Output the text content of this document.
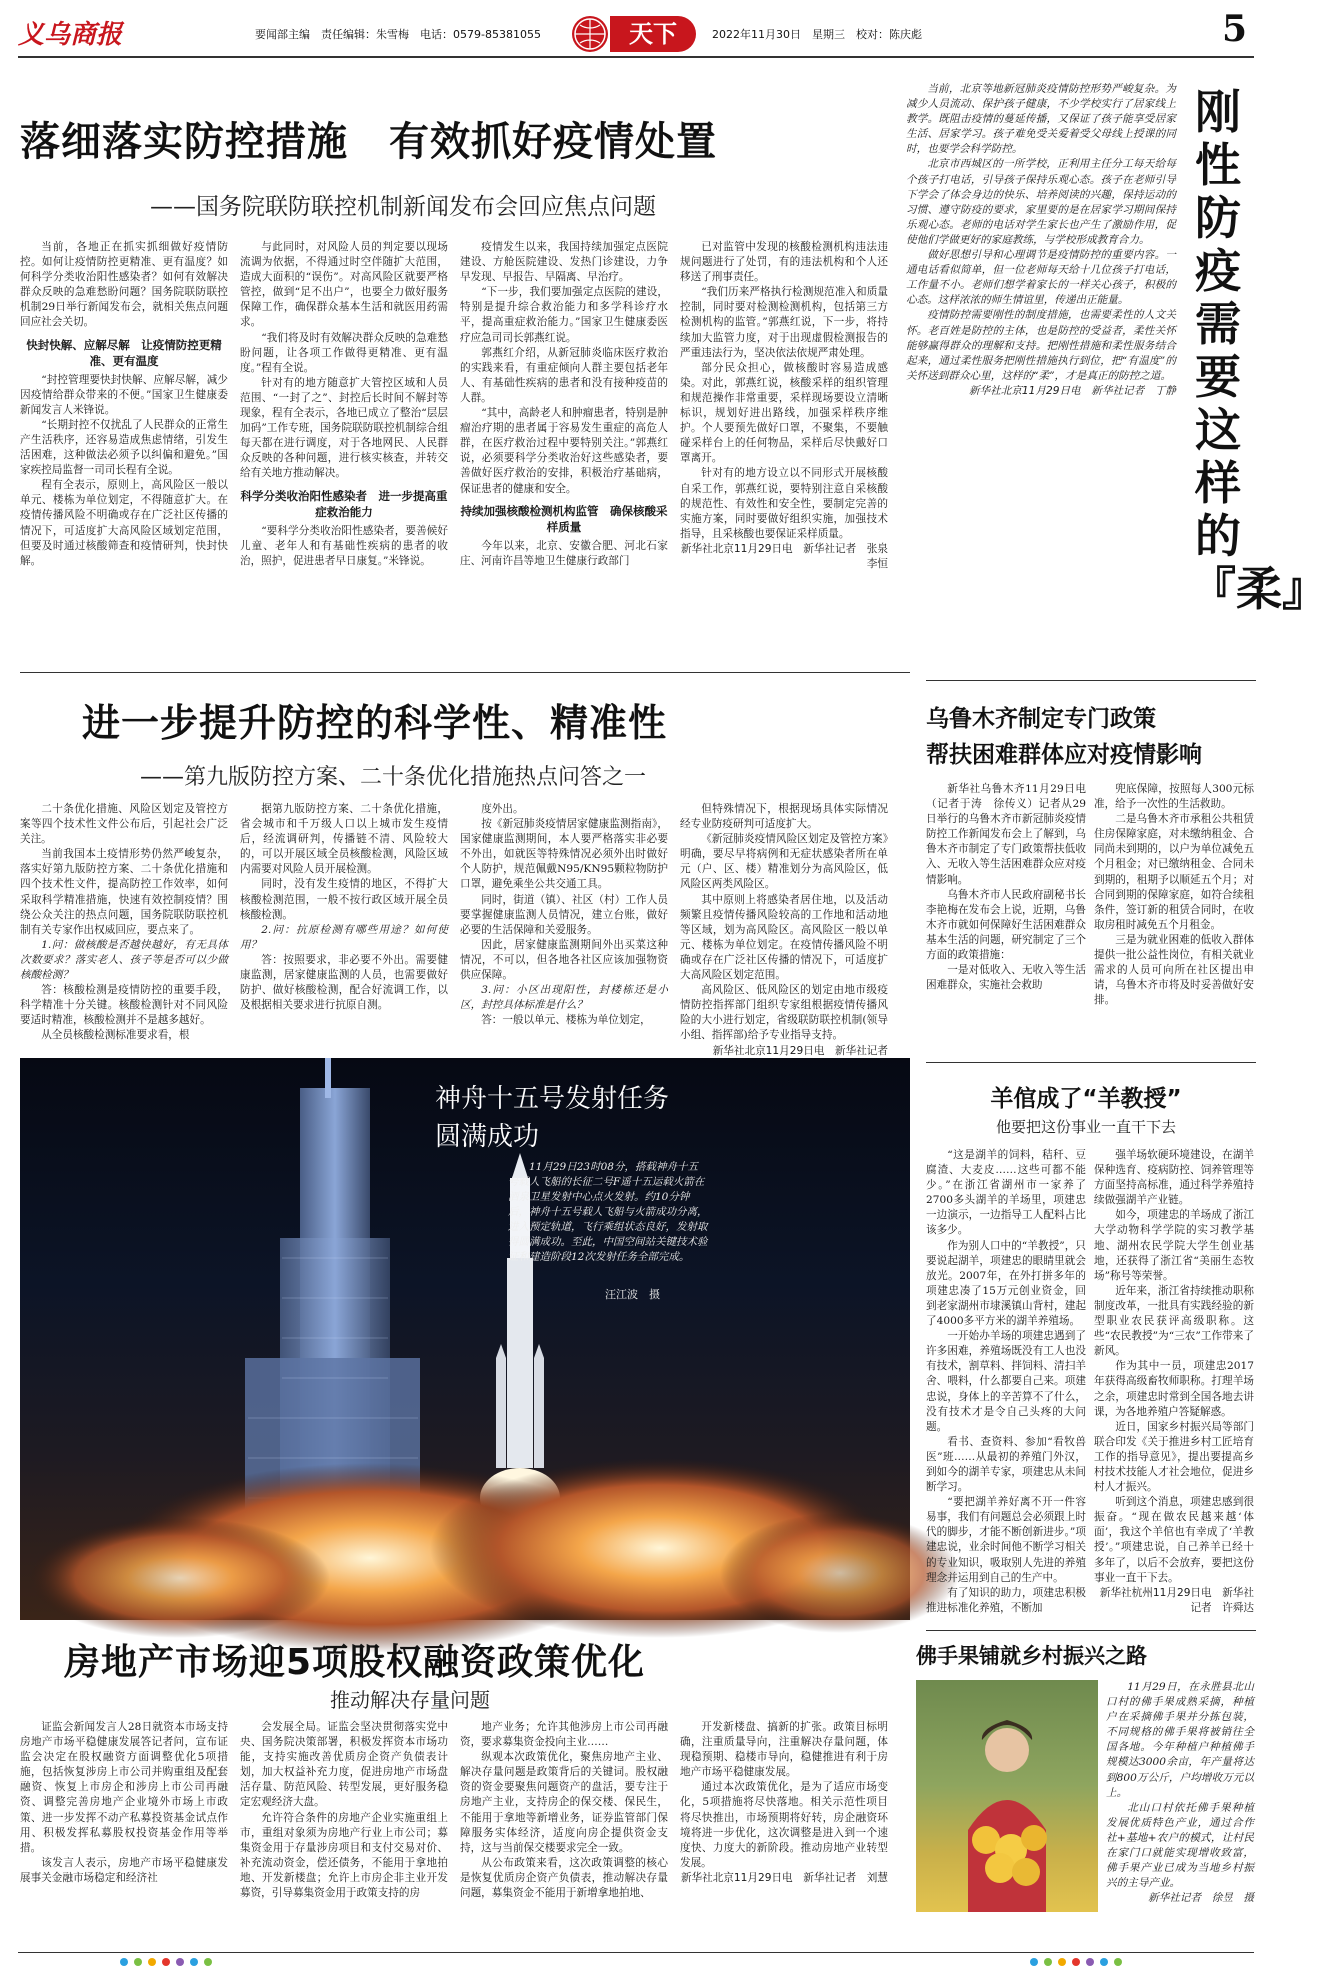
义乌商报	要闻部主编　责任编辑：朱雪梅　电话：0579-85381055	天下	2022年11月30日　星期三　校对：陈庆彪	5
落细落实防控措施　有效抓好疫情处置
——国务院联防联控机制新闻发布会回应焦点问题

当前，各地正在抓实抓细做好疫情防控。如何让疫情防控更精准、更有温度？如何科学分类收治阳性感染者？如何有效解决群众反映的急难愁盼问题？国务院联防联控机制29日举行新闻发布会，就相关焦点问题回应社会关切。

快封快解、应解尽解　让疫情防控更精准、更有温度

“封控管理要快封快解、应解尽解，减少因疫情给群众带来的不便。”国家卫生健康委新闻发言人米锋说。

“长期封控不仅扰乱了人民群众的正常生产生活秩序，还容易造成焦虑情绪，引发生活困难，这种做法必须予以纠偏和避免。”国家疾控局监督一司司长程有全说。

程有全表示，原则上，高风险区一般以单元、楼栋为单位划定，不得随意扩大。在疫情传播风险不明确或存在广泛社区传播的情况下，可适度扩大高风险区域划定范围，但要及时通过核酸筛查和疫情研判，快封快解。

与此同时，对风险人员的判定要以现场流调为依据，不得通过时空伴随扩大范围，造成大面积的“误伤”。对高风险区就要严格管控，做到“足不出户”，也要全力做好服务保障工作，确保群众基本生活和就医用药需求。

“我们将及时有效解决群众反映的急难愁盼问题，让各项工作做得更精准、更有温度。”程有全说。

针对有的地方随意扩大管控区域和人员范围、“一封了之”、封控后长时间不解封等现象，程有全表示，各地已成立了整治“层层加码”工作专班，国务院联防联控机制综合组每天都在进行调度，对于各地网民、人民群众反映的各种问题，进行核实核查，并转交给有关地方推动解决。

科学分类收治阳性感染者　进一步提高重症救治能力

“要科学分类收治阳性感染者，要善候好儿童、老年人和有基础性疾病的患者的收治，照护，促进患者早日康复。”米锋说。

疫情发生以来，我国持续加强定点医院建设、方舱医院建设、发热门诊建设，力争早发现、早报告、早隔离、早治疗。

“下一步，我们要加强定点医院的建设，特别是提升综合救治能力和多学科诊疗水平，提高重症救治能力。”国家卫生健康委医疗应急司司长郭燕红说。

郭燕红介绍，从新冠肺炎临床医疗救治的实践来看，有重症倾向人群主要包括老年人、有基础性疾病的患者和没有接种疫苗的人群。

“其中，高龄老人和肿瘤患者，特别是肿瘤治疗期的患者属于容易发生重症的高危人群，在医疗救治过程中要特别关注。”郭燕红说，必须要科学分类收治好这些感染者，要善做好医疗救治的安排，积极治疗基础病，保证患者的健康和安全。

持续加强核酸检测机构监管　确保核酸采样质量

今年以来，北京、安徽合肥、河北石家庄、河南许昌等地卫生健康行政部门

已对监管中发现的核酸检测机构违法违规问题进行了处罚，有的违法机构和个人还移送了刑事责任。

“我们历来严格执行检测规范准入和质量控制，同时要对检测检测机构，包括第三方检测机构的监管。”郭燕红说，下一步，将持续加大监管力度，对于出现虚假检测报告的严重违法行为，坚决依法依规严肃处理。

部分民众担心，做核酸时容易造成感染。对此，郭燕红说，核酸采样的组织管理和规范操作非常重要，采样现场要设立清晰标识，规划好进出路线，加强采样秩序维护。个人要预先做好口罩，不聚集，不要触碰采样台上的任何物品，采样后尽快戴好口罩离开。

针对有的地方设立以不同形式开展核酸自采工作，郭燕红说，要特别注意自采核酸的规范性、有效性和安全性，要制定完善的实施方案，同时要做好组织实施，加强技术指导，且采核酸也要保证采样质量。

新华社北京11月29日电　新华社记者　张泉　李恒

当前，北京等地新冠肺炎疫情防控形势严峻复杂。为减少人员流动、保护孩子健康，不少学校实行了居家线上教学。既阻击疫情的蔓延传播，又保证了孩子能享受居家生活、居家学习。孩子难免受关爱着受父母线上授课的同时，也要学会科学防控。

北京市西城区的一所学校，正利用主任分工每天给每个孩子打电话，引导孩子保持乐观心态。孩子在老师引导下学会了体会身边的快乐、培养阅读的兴趣，保持运动的习惯、遵守防疫的要求，家里要的是在居家学习期间保持乐观心态。老师的电话对学生家长也产生了激励作用，促使他们学做更好的家庭教练，与学校形成教育合力。

做好思想引导和心理调节是疫情防控的重要内容。一通电话看似简单，但一位老师每天给十几位孩子打电话，工作量不小。老师们想学着家长的一样关心孩子，积极的心态。这样浓浓的师生情谊里，传递出正能量。

疫情防控需要刚性的制度措施，也需要柔性的人文关怀。老百姓是防控的主体，也是防控的受益者，柔性关怀能够赢得群众的理解和支持。把刚性措施和柔性服务结合起来，通过柔性服务把刚性措施执行到位，把“有温度”的关怀送到群众心里，这样的“柔”，才是真正的防控之道。

新华社北京11月29日电　新华社记者　丁静

刚性防疫需要这样的『柔』
进一步提升防控的科学性、精准性
——第九版防控方案、二十条优化措施热点问答之一

二十条优化措施、风险区划定及管控方案等四个技术性文件公布后，引起社会广泛关注。

当前我国本土疫情形势仍然严峻复杂，落实好第九版防控方案、二十条优化措施和四个技术性文件，提高防控工作效率，如何采取科学精准措施，快速有效控制疫情？围绕公众关注的热点问题，国务院联防联控机制有关专家作出权威回应，要点来了。

1.问：做核酸是否越快越好，有无具体次数要求？落实老人、孩子等是否可以少做核酸检测？

答：核酸检测是疫情防控的重要手段，科学精准十分关键。核酸检测针对不同风险要适时精准，核酸检测并不是越多越好。

从全员核酸检测标准要求看，根

据第九版防控方案、二十条优化措施，省会城市和千万级人口以上城市发生疫情后，经流调研判，传播链不清、风险较大的，可以开展区域全员核酸检测，风险区域内需要对风险人员开展检测。

同时，没有发生疫情的地区，不得扩大核酸检测范围，一般不按行政区域开展全员核酸检测。

2.问：抗原检测有哪些用途？如何使用？

答：按照要求，非必要不外出。需要健康监测，居家健康监测的人员，也需要做好防护、做好核酸检测，配合好流调工作，以及根据相关要求进行抗原自测。

度外出。

按《新冠肺炎疫情居家健康监测指南》，国家健康监测期间，本人要严格落实非必要不外出，如就医等特殊情况必须外出时做好个人防护，规范佩戴N95/KN95颗粒物防护口罩，避免乘坐公共交通工具。

同时，街道（镇）、社区（村）工作人员要掌握健康监测人员情况，建立台账，做好必要的生活保障和关爱服务。

因此，居家健康监测期间外出买菜这种情况，不可以，但各地各社区应该加强物资供应保障。

3.问：小区出现阳性，封楼栋还是小区，封控具体标准是什么？

答：一般以单元、楼栋为单位划定，

但特殊情况下，根据现场具体实际情况经专业防疫研判可适度扩大。

《新冠肺炎疫情风险区划定及管控方案》明确，要尽早将病例和无症状感染者所在单元（户、区、楼）精准划分为高风险区，低风险区两类风险区。

其中原则上将感染者居住地，以及活动频繁且疫情传播风险较高的工作地和活动地等区域，划为高风险区。高风险区一般以单元、楼栋为单位划定。在疫情传播风险不明确或存在广泛社区传播的情况下，可适度扩大高风险区划定范围。

高风险区、低风险区的划定由地市级疫情防控指挥部门组织专家组根据疫情传播风险的大小进行划定，省级联防联控机制(领导小组、指挥部)给予专业指导支持。

新华社北京11月29日电　新华社记者

乌鲁木齐制定专门政策
帮扶困难群体应对疫情影响

新华社乌鲁木齐11月29日电（记者于涛　徐传义）记者从29日举行的乌鲁木齐市新冠肺炎疫情防控工作新闻发布会上了解到，乌鲁木齐市制定了专门政策帮扶低收入、无收入等生活困难群众应对疫情影响。

乌鲁木齐市人民政府副秘书长李艳梅在发布会上说，近期，乌鲁木齐市就如何保障好生活困难群众基本生活的问题，研究制定了三个方面的政策措施：

一是对低收入、无收入等生活困难群众，实施社会救助

兜底保障，按照每人300元标准，给予一次性的生活救助。

二是乌鲁木齐市承租公共租赁住房保障家庭，对未缴纳租金、合同尚未到期的，以户为单位减免五个月租金；对已缴纳租金、合同未到期的，租期予以顺延五个月；对合同到期的保障家庭，如符合续租条件，签订新的租赁合同时，在收取房租时减免五个月租金。

三是为就业困难的低收入群体提供一批公益性岗位，有相关就业需求的人员可向所在社区提出申请，乌鲁木齐市将及时妥善做好安排。

神舟十五号发射任务
圆满成功
11月29日23时08分，搭载神舟十五号载人飞船的长征二号F遥十五运载火箭在酒泉卫星发射中心点火发射。约10分钟后，神舟十五号载人飞船与火箭成功分离，进入预定轨道，飞行乘组状态良好，发射取得圆满成功。至此，中国空间站关键技术验证和建造阶段12次发射任务全部完成。
汪江波　摄
羊倌成了“羊教授”
他要把这份事业一直干下去

“这是湖羊的饲料，秸秆、豆腐渣、大麦皮……这些可都不能少。”在浙江省湖州市一家养了2700多头湖羊的羊场里，项建忠一边演示，一边指导工人配料占比该多少。

作为别人口中的“羊教授”，只要说起湖羊，项建忠的眼睛里就会放光。2007年，在外打拼多年的项建忠凑了15万元创业资金，回到老家湖州市埭溪镇山背村，建起了4000多平方米的湖羊养殖场。

一开始办羊场的项建忠遇到了许多困难，养殖场既没有工人也没有技术，割草料、拌饲料、清扫羊舍、喂料，什么都要自己来。项建忠说，身体上的辛苦算不了什么，没有技术才是令自己头疼的大问题。

看书、查资料、参加“看牧兽医”班……从最初的养殖门外汉，到如今的湖羊专家，项建忠从未间断学习。

“要把湖羊养好离不开一件容易事，我们有问题总会必须跟上时代的脚步，才能不断创新进步。”项建忠说，业余时间他不断学习相关的专业知识，吸取别人先进的养殖理念并运用到自己的生产中。

有了知识的助力，项建忠积极推进标准化养殖，不断加

强羊场软硬环境建设，在湖羊保种选育、疫病防控、饲养管理等方面坚持高标准，通过科学养殖持续做强湖羊产业链。

如今，项建忠的羊场成了浙江大学动物科学学院的实习教学基地、湖州农民学院大学生创业基地，还获得了浙江省“美丽生态牧场”称号等荣誉。

近年来，浙江省持续推动职称制度改革，一批具有实践经验的新型职业农民获评高级职称。这些“农民教授”为“三农”工作带来了新风。

作为其中一员，项建忠2017年获得高级畜牧师职称。打理羊场之余，项建忠时常到全国各地去讲课，为各地养殖户答疑解惑。

近日，国家乡村振兴局等部门联合印发《关于推进乡村工匠培育工作的指导意见》，提出要提高乡村技术技能人才社会地位，促进乡村人才振兴。

听到这个消息，项建忠感到很振奋。“现在做农民越来越‘体面’，我这个羊倌也有幸成了‘羊教授’。”项建忠说，自己养羊已经十多年了，以后不会放弃，要把这份事业一直干下去。

新华社杭州11月29日电　新华社记者　许舜达

房地产市场迎5项股权融资政策优化
推动解决存量问题

证监会新闻发言人28日就资本市场支持房地产市场平稳健康发展答记者问，宣布证监会决定在股权融资方面调整优化5项措施，包括恢复涉房上市公司并购重组及配套融资、恢复上市房企和涉房上市公司再融资、调整完善房地产企业境外市场上市政策、进一步发挥不动产私募投资基金试点作用、积极发挥私募股权投资基金作用等举措。

该发言人表示，房地产市场平稳健康发展事关金融市场稳定和经济社

会发展全局。证监会坚决贯彻落实党中央、国务院决策部署，积极发挥资本市场功能，支持实施改善优质房企资产负债表计划，加大权益补充力度，促进房地产市场盘活存量、防范风险、转型发展，更好服务稳定宏观经济大盘。

允许符合条件的房地产企业实施重组上市，重组对象须为房地产行业上市公司；募集资金用于存量涉房项目和支付交易对价、补充流动资金，偿还债务，不能用于拿地拍地、开发新楼盘；允许上市房企非主业开发募资，引导募集资金用于政策支持的房

地产业务；允许其他涉房上市公司再融资，要求募集资金投向主业……

纵观本次政策优化，聚焦房地产主业、解决存量问题是政策背后的关键词。股权融资的资金要聚焦问题资产的盘活，要专注于房地产主业，支持房企的保交楼、保民生，不能用于拿地等新增业务，证券监管部门保障服务实体经济，适度向房企提供资金支持，这与当前保交楼要求完全一致。

从公布政策来看，这次政策调整的核心是恢复优质房企资产负债表，推动解决存量问题，募集资金不能用于新增拿地拍地、

开发新楼盘、搞新的扩张。政策目标明确，注重质量导向，注重解决存量问题，体现稳预期、稳楼市导向，稳健推进有利于房地产市场平稳健康发展。

通过本次政策优化，是为了适应市场变化，5项措施将尽快落地。相关示范性项目将尽快推出，市场预期将好转，房企融资环境将进一步优化，这次调整是进入到一个速度快、力度大的新阶段。推动房地产业转型发展。

新华社北京11月29日电　新华社记者　刘慧

佛手果铺就乡村振兴之路

11月29日，在永胜县北山口村的佛手果成熟采摘，种植户在采摘佛手果并分拣包装，不同规格的佛手果将被销往全国各地。今年种植户种植佛手规模达3000余亩，年产量将达到800万公斤，户均增收万元以上。

北山口村依托佛手果种植发展优质特色产业，通过合作社+基地+农户的模式，让村民在家门口就能实现增收致富，佛手果产业已成为当地乡村振兴的主导产业。

新华社记者　徐昱　摄
